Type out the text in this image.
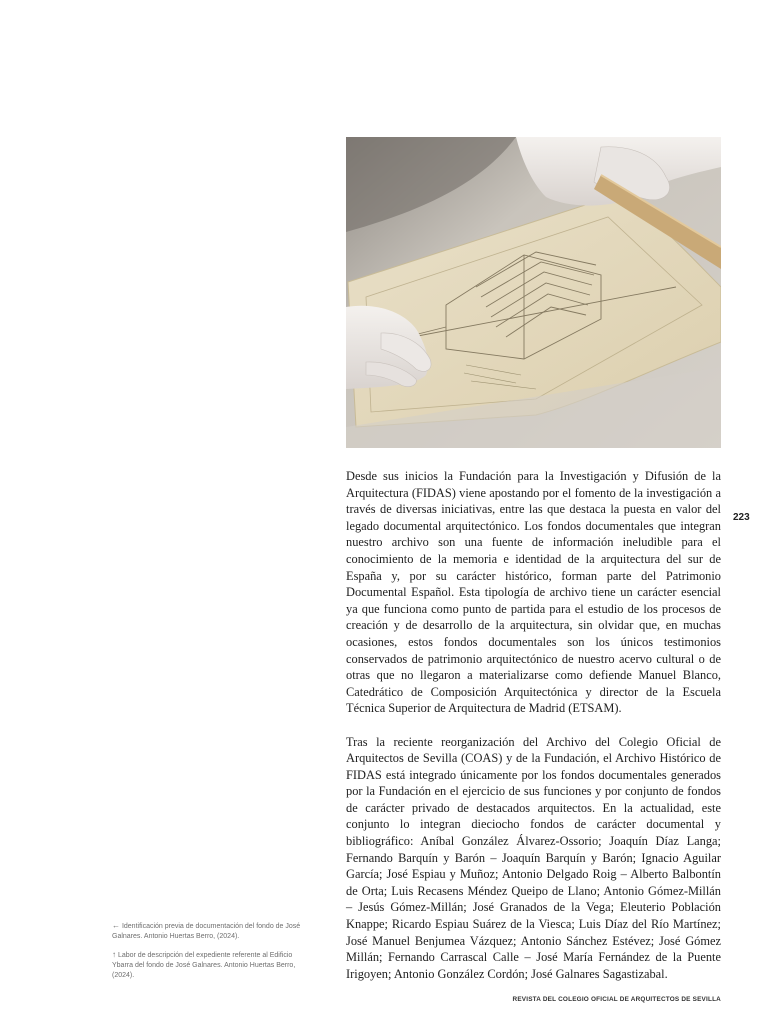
Desde sus inicios la Fundación para la Investigación y Difusión de la Arquitectura (FIDAS) viene apostando por el fomento de la investigación a través de diversas iniciativas, entre las que destaca la puesta en valor del legado documental arquitectónico. Los fondos documentales que integran nuestro archivo son una fuente de información ineludible para el conocimiento de la memoria e identidad de la arquitectura del sur de España y, por su carácter histórico, forman parte del Patrimonio Documental Español. Esta tipología de archivo tiene un carácter esencial ya que funciona como punto de partida para el estudio de los procesos de creación y de desarrollo de la arquitectura, sin olvidar que, en muchas ocasiones, estos fondos documentales son los únicos testimonios conservados de patrimonio arquitectónico de nuestro acervo cultural o de otras que no llegaron a materializarse como defiende Manuel Blanco, Catedrático de Composición Arquitectónica y director de la Escuela Técnica Superior de Arquitectura de Madrid (ETSAM).

Tras la reciente reorganización del Archivo del Colegio Oficial de Arquitectos de Sevilla (COAS) y de la Fundación, el Archivo Histórico de FIDAS está integrado únicamente por los fondos documentales generados por la Fundación en el ejercicio de sus funciones y por conjunto de fondos de carácter privado de destacados arquitectos. En la actualidad, este conjunto lo integran dieciocho fondos de carácter documental y bibliográfico: Aníbal González Álvarez-Ossorio; Joaquín Díaz Langa; Fernando Barquín y Barón – Joaquín Barquín y Barón; Ignacio Aguilar García; José Espiau y Muñoz; Antonio Delgado Roig – Alberto Balbontín de Orta; Luis Recasens Méndez Queipo de Llano; Antonio Gómez-Millán – Jesús Gómez-Millán; José Granados de la Vega; Eleuterio Población Knappe; Ricardo Espiau Suárez de la Viesca; Luis Díaz del Río Martínez; José Manuel Benjumea Vázquez; Antonio Sánchez Estévez; José Gómez Millán; Fernando Carrascal Calle – José María Fernández de la Puente Irigoyen; Antonio González Cordón; José Galnares Sagastizabal.

223

← Identificación previa de documentación del fondo de José Galnares. Antonio Huertas Berro, (2024).

↑ Labor de descripción del expediente referente al Edificio Ybarra del fondo de José Galnares. Antonio Huertas Berro, (2024).

REVISTA DEL COLEGIO OFICIAL DE ARQUITECTOS DE SEVILLA
